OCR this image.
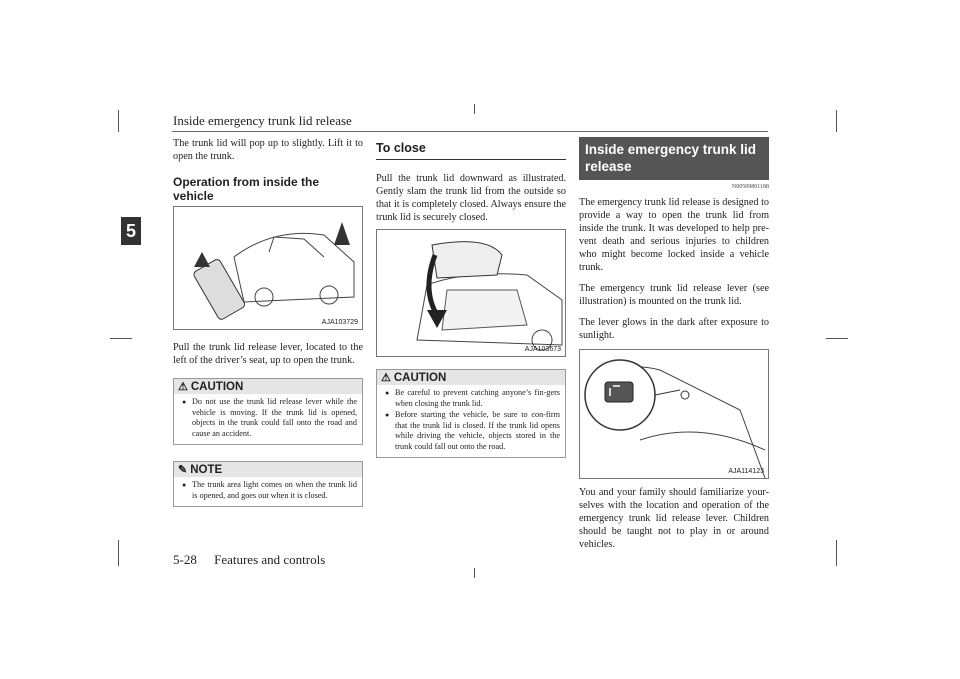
Inside emergency trunk lid release
5

The trunk lid will pop up to slightly. Lift it to open the trunk.

Operation from inside the vehicle
AJA103729

Pull the trunk lid release lever, located to the left of the driver’s seat, up to open the trunk.

⚠ CAUTION
● Do not use the trunk lid release lever while the vehicle is moving. If the trunk lid is opened, objects in the trunk could fall onto the road and cause an accident.
✎ NOTE
● The trunk area light comes on when the trunk lid is opened, and goes out when it is closed.
To close

Pull the trunk lid downward as illustrated. Gently slam the trunk lid from the outside so that it is completely closed. Always ensure the trunk lid is securely closed.

AJA103673
⚠ CAUTION
● Be careful to prevent catching anyone’s fin-gers when closing the trunk lid.
● Before starting the vehicle, be sure to con-firm that the trunk lid is closed. If the trunk lid opens while driving the vehicle, objects stored in the trunk could fall out onto the road.
Inside emergency trunk lid release
N00509801188

The emergency trunk lid release is designed to provide a way to open the trunk lid from inside the trunk. It was developed to help pre-vent death and serious injuries to children who might become locked inside a vehicle trunk.

The emergency trunk lid release lever (see illustration) is mounted on the trunk lid.

The lever glows in the dark after exposure to sunlight.

AJA114123

You and your family should familiarize your-selves with the location and operation of the emergency trunk lid release lever. Children should be taught not to play in or around vehicles.

5-28 Features and controls
